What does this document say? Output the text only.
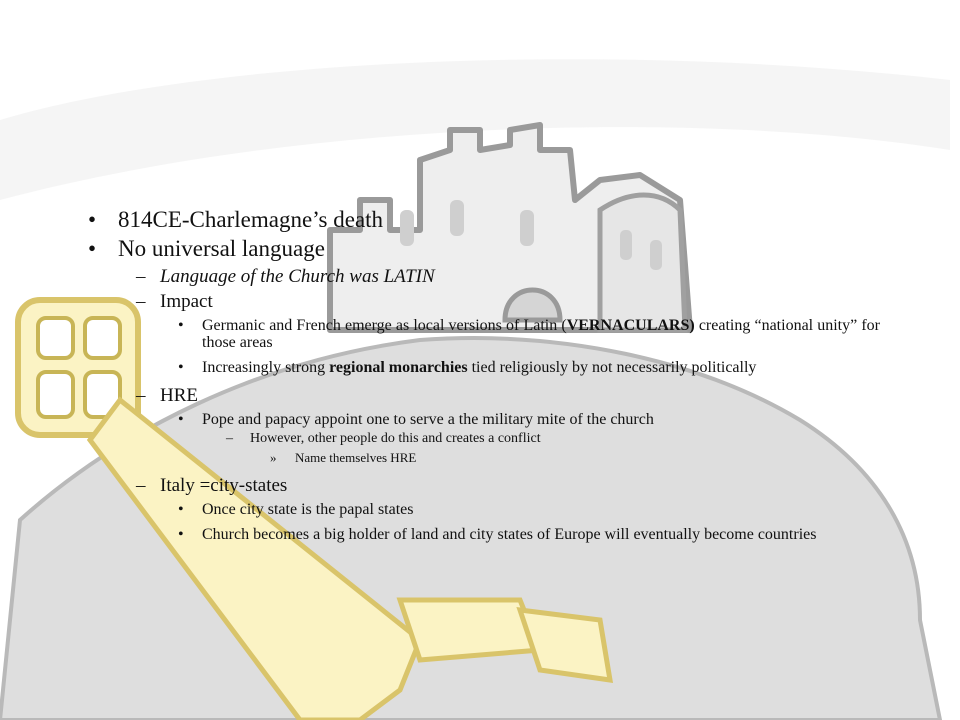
• 814CE-Charlemagne’s death

• No universal language

– Language of the Church was LATIN

– Impact

• Germanic and French emerge as local versions of Latin (VERNACULARS) creating “national unity” for those areas

• Increasingly strong regional monarchies tied religiously by not necessarily politically

– HRE

• Pope and papacy appoint one to serve a the military mite of the church

– However, other people do this and creates a conflict

» Name themselves HRE

– Italy =city-states

• Once city state is the papal states

• Church becomes a big holder of land and city states of Europe will eventually become countries
